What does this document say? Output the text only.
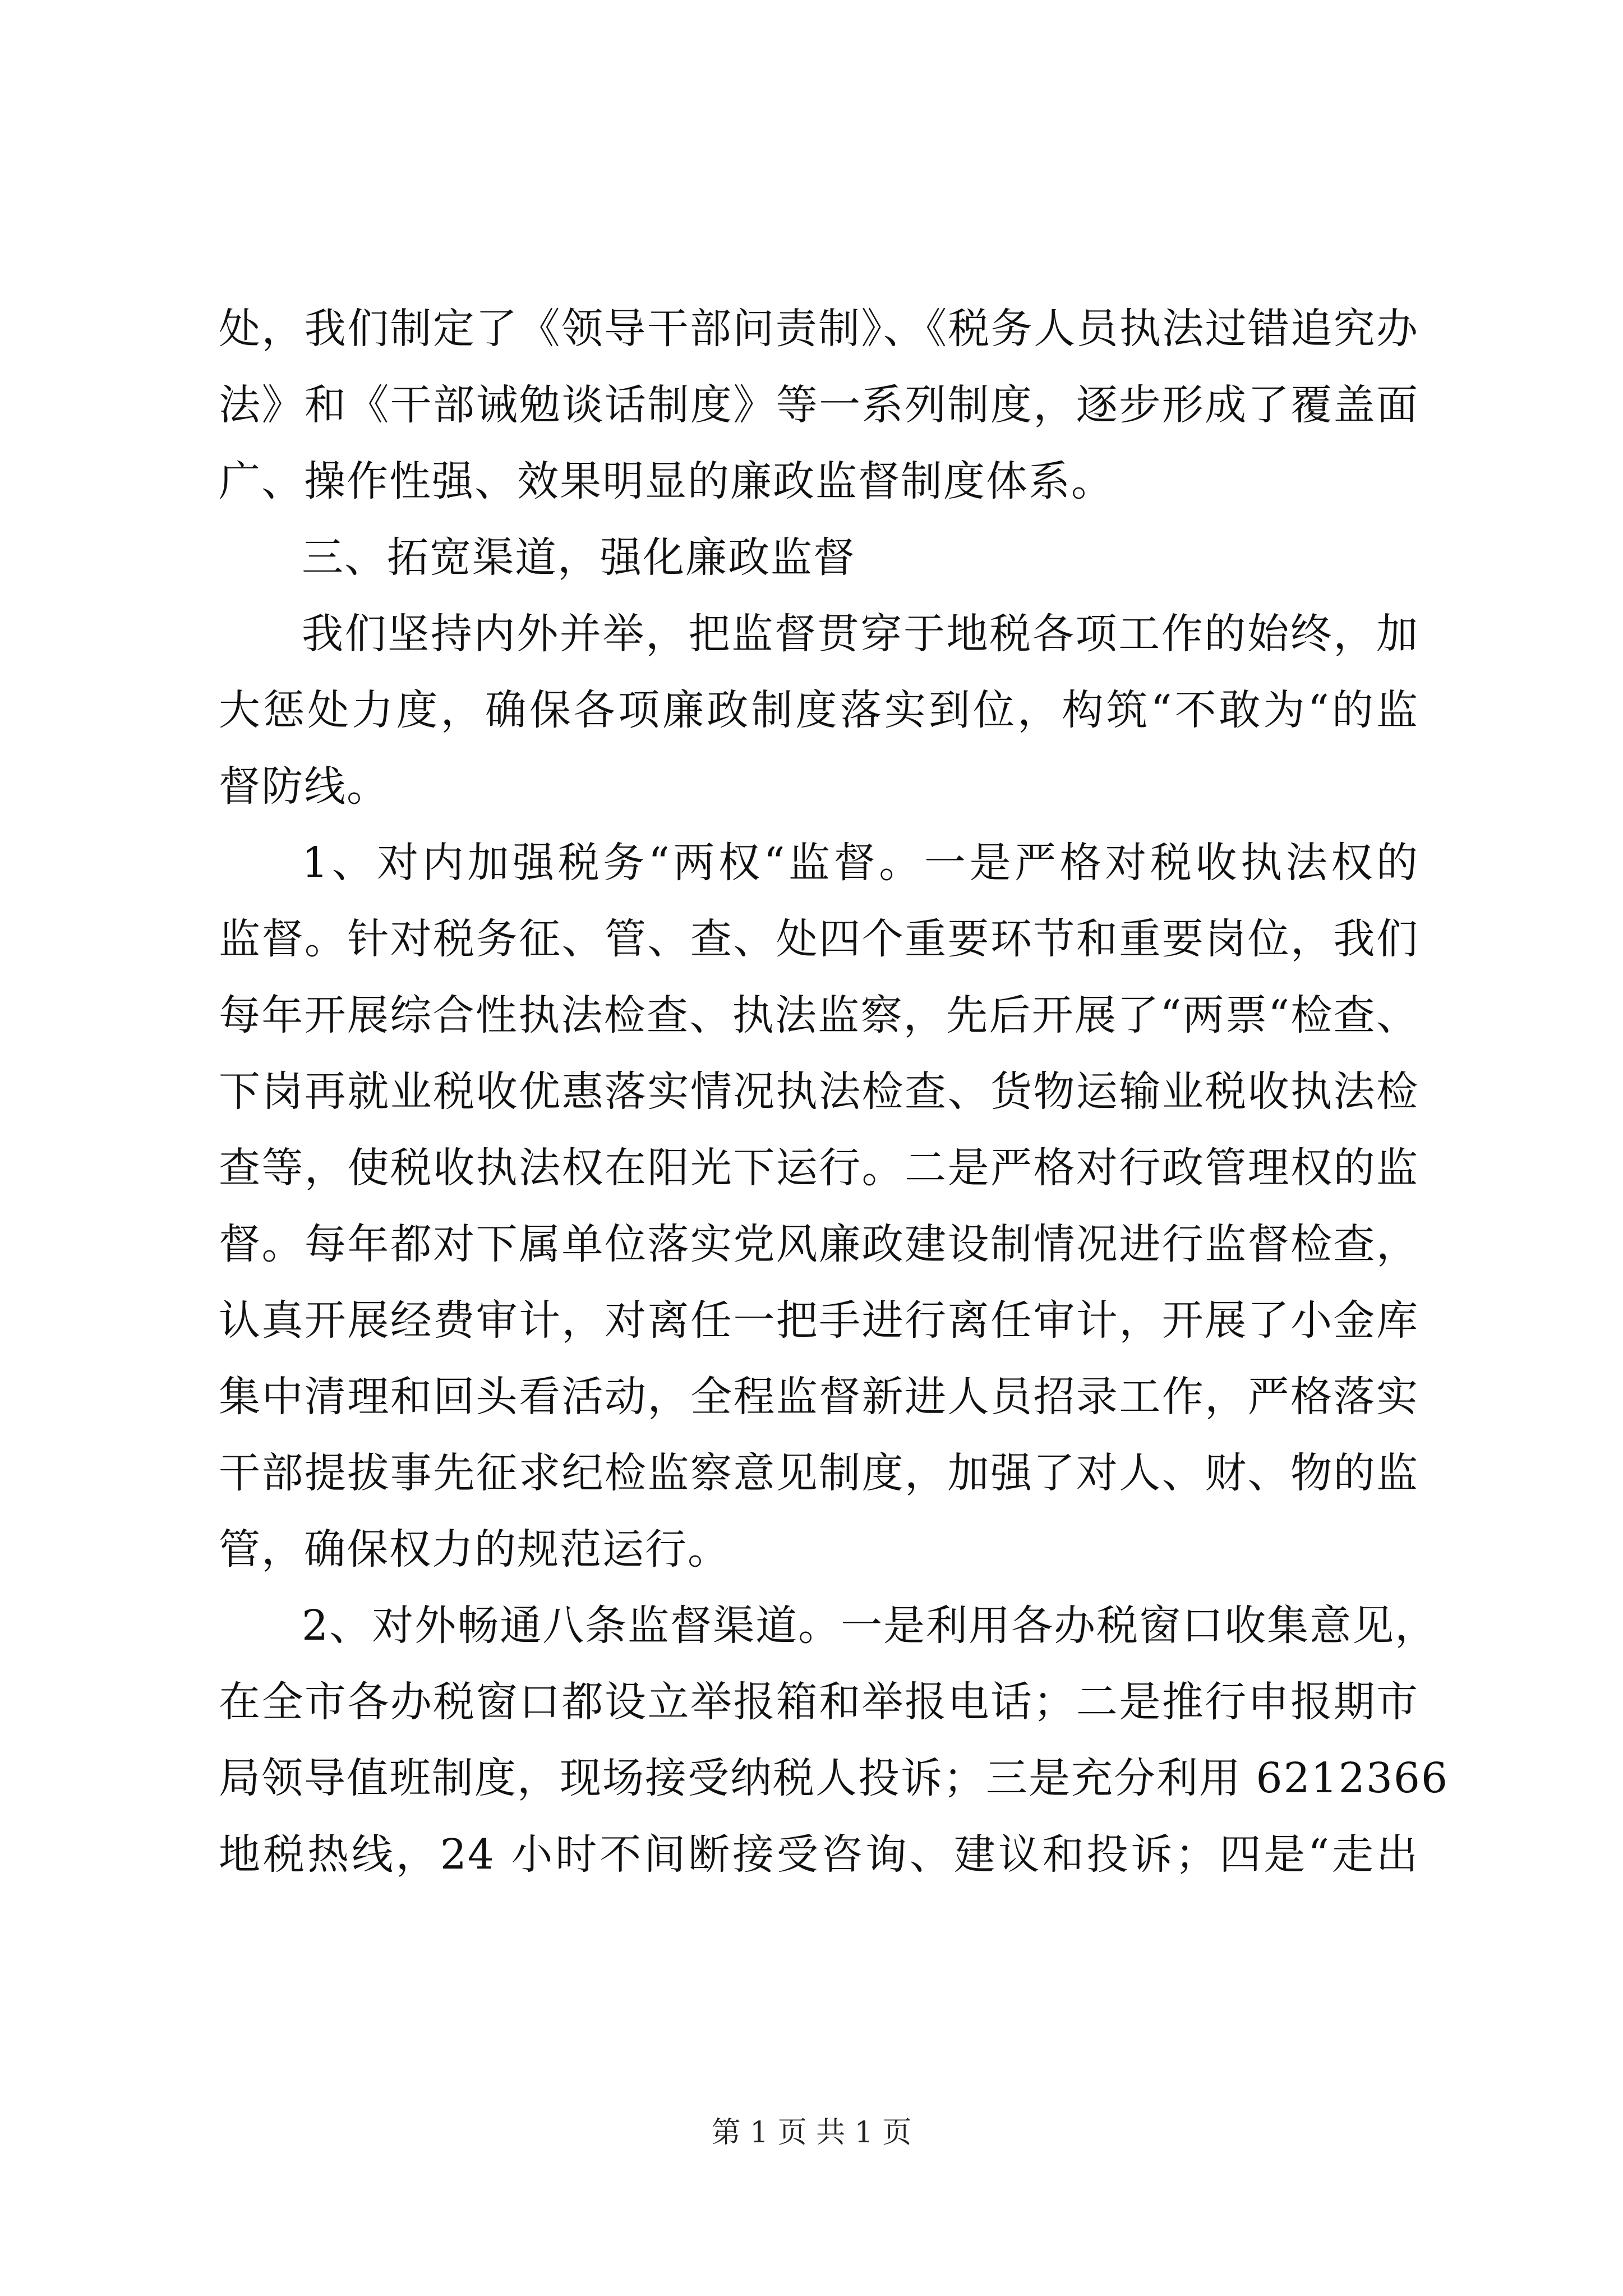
处，我们制定了《领导干部问责制》、《税务人员执法过错追究办
法》和《干部诫勉谈话制度》等一系列制度，逐步形成了覆盖面
广、操作性强、效果明显的廉政监督制度体系。
三、拓宽渠道，强化廉政监督
我们坚持内外并举，把监督贯穿于地税各项工作的始终，加
大惩处力度，确保各项廉政制度落实到位，构筑“不敢为“的监
督防线。
1、对内加强税务“两权“监督。一是严格对税收执法权的
监督。针对税务征、管、查、处四个重要环节和重要岗位，我们
每年开展综合性执法检查、执法监察，先后开展了“两票“检查、
下岗再就业税收优惠落实情况执法检查、货物运输业税收执法检
查等，使税收执法权在阳光下运行。二是严格对行政管理权的监
督。每年都对下属单位落实党风廉政建设制情况进行监督检查，
认真开展经费审计，对离任一把手进行离任审计，开展了小金库
集中清理和回头看活动，全程监督新进人员招录工作，严格落实
干部提拔事先征求纪检监察意见制度，加强了对人、财、物的监
管，确保权力的规范运行。
2、对外畅通八条监督渠道。一是利用各办税窗口收集意见，
在全市各办税窗口都设立举报箱和举报电话；二是推行申报期市
局领导值班制度，现场接受纳税人投诉；三是充分利用 6212366
地税热线，24 小时不间断接受咨询、建议和投诉；四是“走出
第 1 页 共 1 页
